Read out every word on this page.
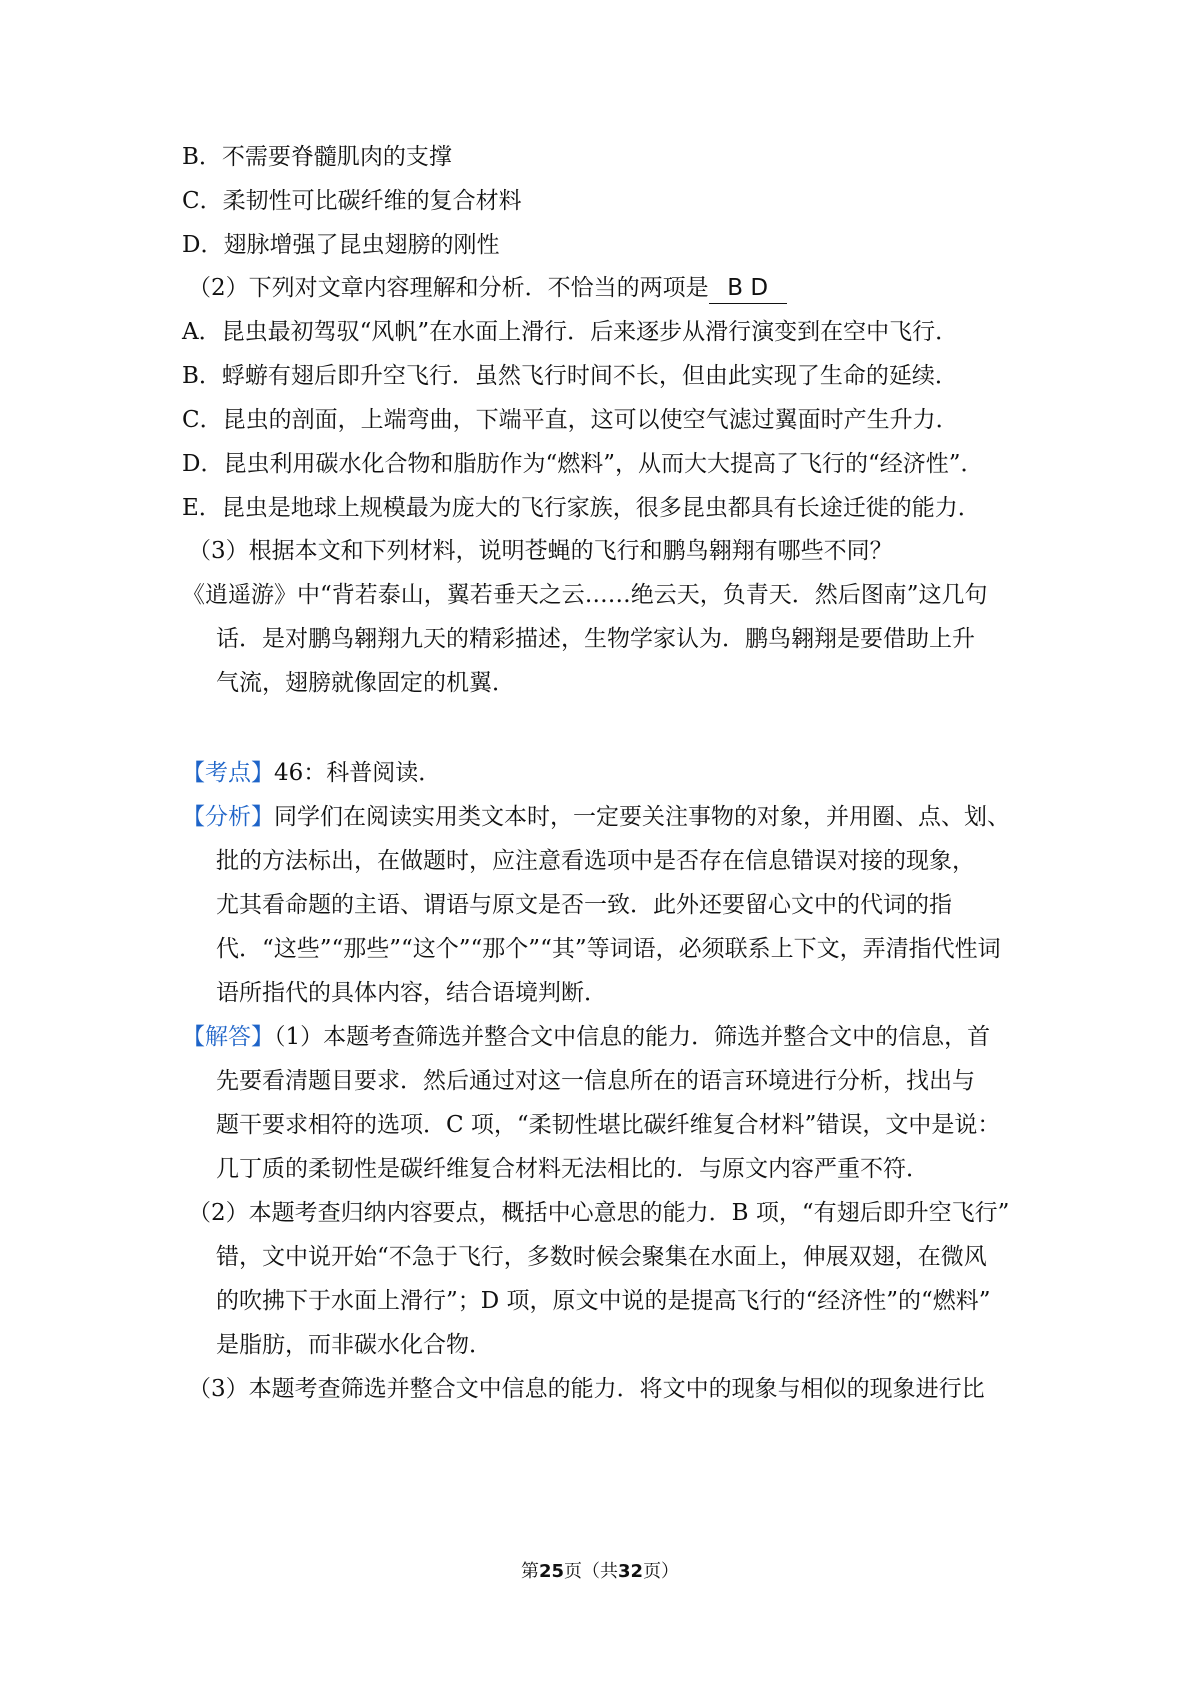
B．不需要脊髓肌肉的支撑
C．柔韧性可比碳纤维的复合材料
D．翅脉增强了昆虫翅膀的刚性
（2）下列对文章内容理解和分析．不恰当的两项是 B D
A．昆虫最初驾驭“风帆”在水面上滑行．后来逐步从滑行演变到在空中飞行．
B．蜉蝣有翅后即升空飞行．虽然飞行时间不长，但由此实现了生命的延续．
C．昆虫的剖面，上端弯曲，下端平直，这可以使空气滤过翼面时产生升力．
D．昆虫利用碳水化合物和脂肪作为“燃料”，从而大大提高了飞行的“经济性”．
E．昆虫是地球上规模最为庞大的飞行家族，很多昆虫都具有长途迁徙的能力．
（3）根据本文和下列材料，说明苍蝇的飞行和鹏鸟翱翔有哪些不同？
《逍遥游》中“背若泰山，翼若垂天之云……绝云天，负青天．然后图南”这几句
话．是对鹏鸟翱翔九天的精彩描述，生物学家认为．鹏鸟翱翔是要借助上升
气流，翅膀就像固定的机翼．
【考点】46：科普阅读．
【分析】同学们在阅读实用类文本时，一定要关注事物的对象，并用圈、点、划、
批的方法标出，在做题时，应注意看选项中是否存在信息错误对接的现象，
尤其看命题的主语、谓语与原文是否一致．此外还要留心文中的代词的指
代．“这些”“那些”“这个”“那个”“其”等词语，必须联系上下文，弄清指代性词
语所指代的具体内容，结合语境判断．
【解答】（1）本题考查筛选并整合文中信息的能力．筛选并整合文中的信息，首
先要看清题目要求．然后通过对这一信息所在的语言环境进行分析，找出与
题干要求相符的选项．C 项，“柔韧性堪比碳纤维复合材料”错误，文中是说：
几丁质的柔韧性是碳纤维复合材料无法相比的．与原文内容严重不符．
（2）本题考查归纳内容要点，概括中心意思的能力．B 项，“有翅后即升空飞行”
错，文中说开始“不急于飞行，多数时候会聚集在水面上，伸展双翅，在微风
的吹拂下于水面上滑行”；D 项，原文中说的是提高飞行的“经济性”的“燃料”
是脂肪，而非碳水化合物．
（3）本题考查筛选并整合文中信息的能力．将文中的现象与相似的现象进行比
第25页（共32页）
